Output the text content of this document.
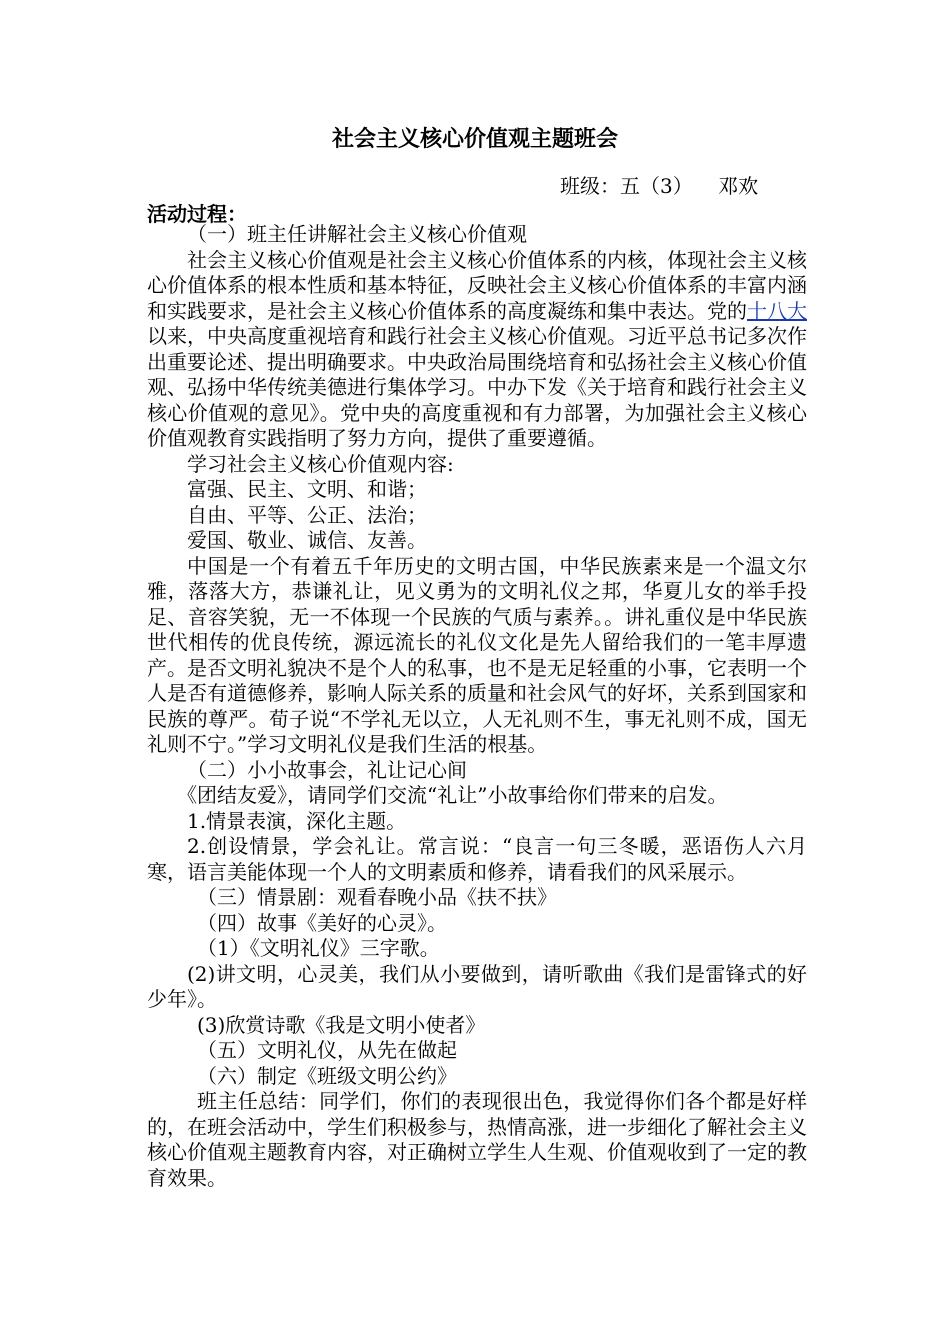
社会主义核心价值观主题班会
班级：五（3）    邓欢
活动过程：

（一）班主任讲解社会主义核心价值观

社会主义核心价值观是社会主义核心价值体系的内核，体现社会主义核心价值体系的根本性质和基本特征，反映社会主义核心价值体系的丰富内涵和实践要求，是社会主义核心价值体系的高度凝练和集中表达。党的十八大以来，中央高度重视培育和践行社会主义核心价值观。习近平总书记多次作出重要论述、提出明确要求。中央政治局围绕培育和弘扬社会主义核心价值观、弘扬中华传统美德进行集体学习。中办下发《关于培育和践行社会主义核心价值观的意见》。党中央的高度重视和有力部署，为加强社会主义核心价值观教育实践指明了努力方向，提供了重要遵循。

学习社会主义核心价值观内容:

富强、民主、文明、和谐；

自由、平等、公正、法治；

爱国、敬业、诚信、友善。

中国是一个有着五千年历史的文明古国，中华民族素来是一个温文尔雅，落落大方，恭谦礼让，见义勇为的文明礼仪之邦，华夏儿女的举手投足、音容笑貌，无一不体现一个民族的气质与素养。。讲礼重仪是中华民族世代相传的优良传统，源远流长的礼仪文化是先人留给我们的一笔丰厚遗产。是否文明礼貌决不是个人的私事，也不是无足轻重的小事，它表明一个人是否有道德修养，影响人际关系的质量和社会风气的好坏，关系到国家和民族的尊严。荀子说“不学礼无以立，人无礼则不生，事无礼则不成，国无礼则不宁。”学习文明礼仪是我们生活的根基。

（二）小小故事会，礼让记心间

《团结友爱》，请同学们交流“礼让”小故事给你们带来的启发。

1.情景表演，深化主题。

2.创设情景，学会礼让。常言说：“良言一句三冬暖，恶语伤人六月寒，语言美能体现一个人的文明素质和修养，请看我们的风采展示。

（三）情景剧：观看春晚小品《扶不扶》

（四）故事《美好的心灵》。

（1）《文明礼仪》三字歌。

(2)讲文明，心灵美，我们从小要做到，请听歌曲《我们是雷锋式的好少年》。

(3)欣赏诗歌《我是文明小使者》

（五）文明礼仪，从先在做起

（六）制定《班级文明公约》

班主任总结：同学们，你们的表现很出色，我觉得你们各个都是好样的，在班会活动中，学生们积极参与，热情高涨，进一步细化了解社会主义核心价值观主题教育内容，对正确树立学生人生观、价值观收到了一定的教育效果。
